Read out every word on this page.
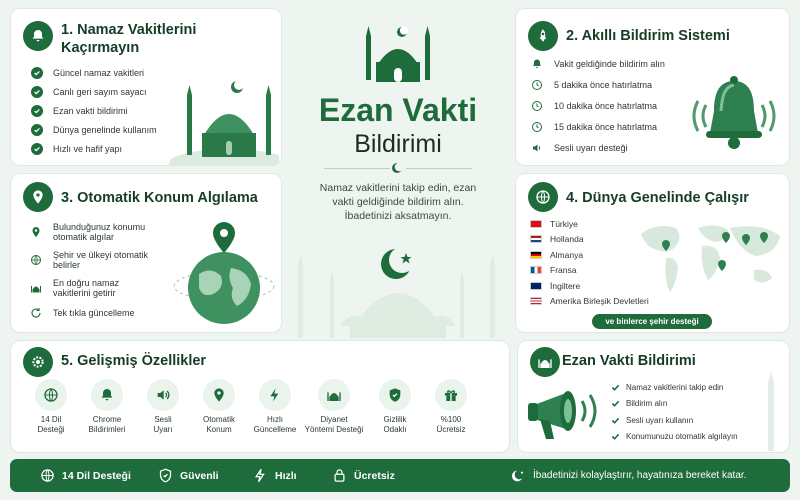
1. Namaz Vakitlerini Kaçırmayın
Güncel namaz vakitleri
Canlı geri sayım sayacı
Ezan vakti bildirimi
Dünya genelinde kullanım
Hızlı ve hafif yapı
Ezan Vakti
Bildirimi
Namaz vakitlerini takip edin, ezan vakti geldiğinde bildirim alın. İbadetinizi aksatmayın.
2. Akıllı Bildirim Sistemi
Vakit geldiğinde bildirim alın
5 dakika önce hatırlatma
10 dakika önce hatırlatma
15 dakika önce hatırlatma
Sesli uyarı desteği
3. Otomatik Konum Algılama
Bulunduğunuz konumu otomatik algılar
Şehir ve ülkeyi otomatik belirler
En doğru namaz vakitlerini getirir
Tek tıkla güncelleme
4. Dünya Genelinde Çalışır
Türkiye
Hollanda
Almanya
Fransa
İngiltere
Amerika Birleşik Devletleri
ve binlerce şehir desteği
5. Gelişmiş Özellikler
14 Dil
Desteği
Chrome
Bildirimleri
Sesli
Uyarı
Otomatik
Konum
Hızlı
Güncelleme
Diyanet
Yöntemi Desteği
Gizlilik
Odaklı
%100
Ücretsiz
Ezan Vakti Bildirimi
Namaz vakitlerini takip edin
Bildirim alın
Sesli uyarı kullanın
Konumunuzu otomatik algılayın
14 Dil Desteği	Güvenli	Hızlı	Ücretsiz	İbadetinizi kolaylaştırır, hayatınıza bereket katar.
